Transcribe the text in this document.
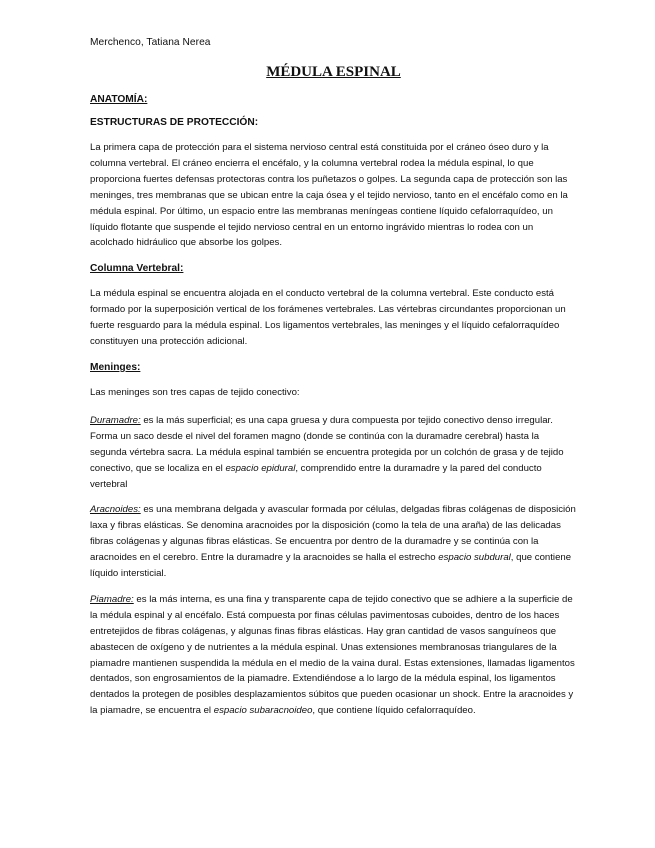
Merchenco, Tatiana Nerea
MÉDULA ESPINAL
ANATOMÍA:
ESTRUCTURAS DE PROTECCIÓN:

La primera capa de protección para el sistema nervioso central está constituida por el cráneo óseo duro y la columna vertebral. El cráneo encierra el encéfalo, y la columna vertebral rodea la médula espinal, lo que proporciona fuertes defensas protectoras contra los puñetazos o golpes. La segunda capa de protección son las meninges, tres membranas que se ubican entre la caja ósea y el tejido nervioso, tanto en el encéfalo como en la médula espinal. Por último, un espacio entre las membranas meníngeas contiene líquido cefalorraquídeo, un líquido flotante que suspende el tejido nervioso central en un entorno ingrávido mientras lo rodea con un acolchado hidráulico que absorbe los golpes.

Columna Vertebral:

La médula espinal se encuentra alojada en el conducto vertebral de la columna vertebral. Este conducto está formado por la superposición vertical de los forámenes vertebrales. Las vértebras circundantes proporcionan un fuerte resguardo para la médula espinal. Los ligamentos vertebrales, las meninges y el líquido cefalorraquídeo constituyen una protección adicional.

Meninges:

Las meninges son tres capas de tejido conectivo:

Duramadre: es la más superficial; es una capa gruesa y dura compuesta por tejido conectivo denso irregular. Forma un saco desde el nivel del foramen magno (donde se continúa con la duramadre cerebral) hasta la segunda vértebra sacra. La médula espinal también se encuentra protegida por un colchón de grasa y de tejido conectivo, que se localiza en el espacio epidural, comprendido entre la duramadre y la pared del conducto vertebral

Aracnoides: es una membrana delgada y avascular formada por células, delgadas fibras colágenas de disposición laxa y fibras elásticas. Se denomina aracnoides por la disposición (como la tela de una araña) de las delicadas fibras colágenas y algunas fibras elásticas. Se encuentra por dentro de la duramadre y se continúa con la aracnoides en el cerebro. Entre la duramadre y la aracnoides se halla el estrecho espacio subdural, que contiene líquido intersticial.

Piamadre: es la más interna, es una fina y transparente capa de tejido conectivo que se adhiere a la superficie de la médula espinal y al encéfalo. Está compuesta por finas células pavimentosas cuboides, dentro de los haces entretejidos de fibras colágenas, y algunas finas fibras elásticas. Hay gran cantidad de vasos sanguíneos que abastecen de oxígeno y de nutrientes a la médula espinal. Unas extensiones membranosas triangulares de la piamadre mantienen suspendida la médula en el medio de la vaina dural. Estas extensiones, llamadas ligamentos dentados, son engrosamientos de la piamadre. Extendiéndose a lo largo de la médula espinal, los ligamentos dentados la protegen de posibles desplazamientos súbitos que pueden ocasionar un shock. Entre la aracnoides y la piamadre, se encuentra el espacio subaracnoideo, que contiene líquido cefalorraquídeo.
